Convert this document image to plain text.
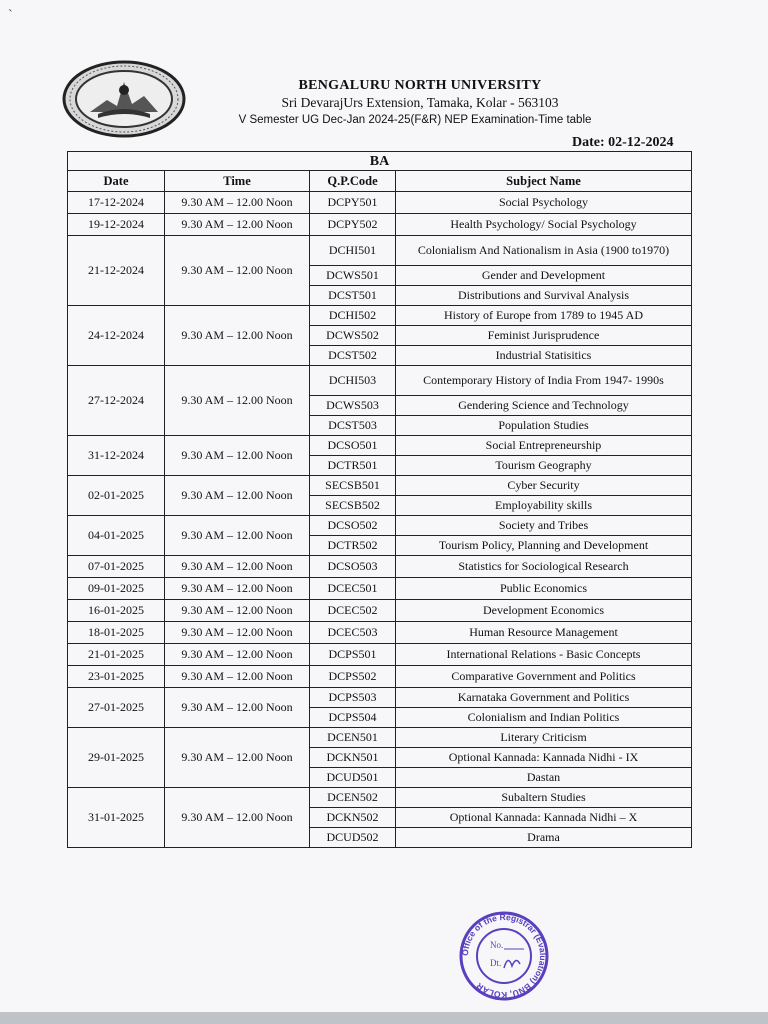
ˋ
BENGALURU NORTH UNIVERSITY
Sri DevarajUrs Extension, Tamaka, Kolar - 563103
V Semester UG Dec-Jan 2024-25(F&R) NEP Examination-Time table
Date: 02-12-2024
BA			
Date	Time	Q.P.Code	Subject Name
17-12-2024	9.30 AM – 12.00 Noon	DCPY501	Social Psychology
19-12-2024	9.30 AM – 12.00 Noon	DCPY502	Health Psychology/ Social Psychology
21-12-2024	9.30 AM – 12.00 Noon	DCHI501	Colonialism And Nationalism in Asia (1900 to1970)
		DCWS501	Gender and Development
		DCST501	Distributions and Survival Analysis
24-12-2024	9.30 AM – 12.00 Noon	DCHI502	History of Europe from 1789 to 1945 AD
		DCWS502	Feminist Jurisprudence
		DCST502	Industrial Statisitics
27-12-2024	9.30 AM – 12.00 Noon	DCHI503	Contemporary History of India From 1947- 1990s
		DCWS503	Gendering Science and Technology
		DCST503	Population Studies
31-12-2024	9.30 AM – 12.00 Noon	DCSO501	Social Entrepreneurship
		DCTR501	Tourism Geography
02-01-2025	9.30 AM – 12.00 Noon	SECSB501	Cyber Security
		SECSB502	Employability skills
04-01-2025	9.30 AM – 12.00 Noon	DCSO502	Society and Tribes
		DCTR502	Tourism Policy, Planning and Development
07-01-2025	9.30 AM – 12.00 Noon	DCSO503	Statistics for Sociological Research
09-01-2025	9.30 AM – 12.00 Noon	DCEC501	Public Economics
16-01-2025	9.30 AM – 12.00 Noon	DCEC502	Development Economics
18-01-2025	9.30 AM – 12.00 Noon	DCEC503	Human Resource Management
21-01-2025	9.30 AM – 12.00 Noon	DCPS501	International Relations - Basic Concepts
23-01-2025	9.30 AM – 12.00 Noon	DCPS502	Comparative Government and Politics
27-01-2025	9.30 AM – 12.00 Noon	DCPS503	Karnataka Government and Politics
		DCPS504	Colonialism and Indian Politics
29-01-2025	9.30 AM – 12.00 Noon	DCEN501	Literary Criticism
		DCKN501	Optional Kannada: Kannada Nidhi - IX
		DCUD501	Dastan
31-01-2025	9.30 AM – 12.00 Noon	DCEN502	Subaltern Studies
		DCKN502	Optional Kannada: Kannada Nidhi – X
		DCUD502	Drama
Office of the Registrar (Evaluation) BNU, KOLAR
No.
Dt.
